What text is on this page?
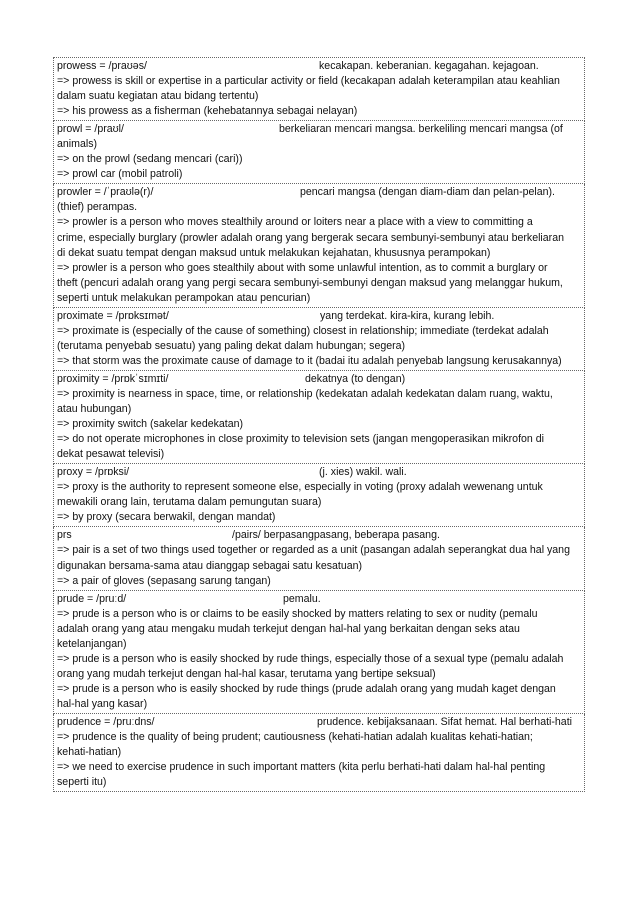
prowess = /praʊəs/	kecakapan. keberanian. kegagahan. kejagoan.
=> prowess is skill or expertise in a particular activity or field (kecakapan adalah keterampilan atau keahlian
dalam suatu kegiatan atau bidang tertentu)
=> his prowess as a fisherman (kehebatannya sebagai nelayan)
prowl = /praʊl/	berkeliaran mencari mangsa. berkeliling mencari mangsa (of
animals)
=> on the prowl (sedang mencari (cari))
=> prowl car (mobil patroli)
prowler = /ˈpraʊlə(r)/	pencari mangsa (dengan diam-diam dan pelan-pelan).
(thief) perampas.
=> prowler is a person who moves stealthily around or loiters near a place with a view to committing a
crime, especially burglary (prowler adalah orang yang bergerak secara sembunyi-sembunyi atau berkeliaran
di dekat suatu tempat dengan maksud untuk melakukan kejahatan, khususnya perampokan)
=> prowler is a person who goes stealthily about with some unlawful intention, as to commit a burglary or
theft (pencuri adalah orang yang pergi secara sembunyi-sembunyi dengan maksud yang melanggar hukum,
seperti untuk melakukan perampokan atau pencurian)
proximate = /prɒksɪmət/	yang terdekat. kira-kira, kurang lebih.
=> proximate is (especially of the cause of something) closest in relationship; immediate (terdekat adalah
(terutama penyebab sesuatu) yang paling dekat dalam hubungan; segera)
=> that storm was the proximate cause of damage to it (badai itu adalah penyebab langsung kerusakannya)
proximity = /prɒkˈsɪmɪti/	dekatnya (to dengan)
=> proximity is nearness in space, time, or relationship (kedekatan adalah kedekatan dalam ruang, waktu,
atau hubungan)
=> proximity switch (sakelar kedekatan)
=> do not operate microphones in close proximity to television sets (jangan mengoperasikan mikrofon di
dekat pesawat televisi)
proxy = /prɒksi/	(j. xies) wakil. wali.
=> proxy is the authority to represent someone else, especially in voting (proxy adalah wewenang untuk
mewakili orang lain, terutama dalam pemungutan suara)
=> by proxy (secara berwakil, dengan mandat)
prs	/pairs/ berpasangpasang, beberapa pasang.
=> pair is a set of two things used together or regarded as a unit (pasangan adalah seperangkat dua hal yang
digunakan bersama-sama atau dianggap sebagai satu kesatuan)
=> a pair of gloves (sepasang sarung tangan)
prude = /pruːd/	pemalu.
=> prude is a person who is or claims to be easily shocked by matters relating to sex or nudity (pemalu
adalah orang yang atau mengaku mudah terkejut dengan hal-hal yang berkaitan dengan seks atau
ketelanjangan)
=> prude is a person who is easily shocked by rude things, especially those of a sexual type (pemalu adalah
orang yang mudah terkejut dengan hal-hal kasar, terutama yang bertipe seksual)
=> prude is a person who is easily shocked by rude things (prude adalah orang yang mudah kaget dengan
hal-hal yang kasar)
prudence = /pruːdns/	prudence. kebijaksanaan. Sifat hemat. Hal berhati-hati
=> prudence is the quality of being prudent; cautiousness (kehati-hatian adalah kualitas kehati-hatian;
kehati-hatian)
=> we need to exercise prudence in such important matters (kita perlu berhati-hati dalam hal-hal penting
seperti itu)
